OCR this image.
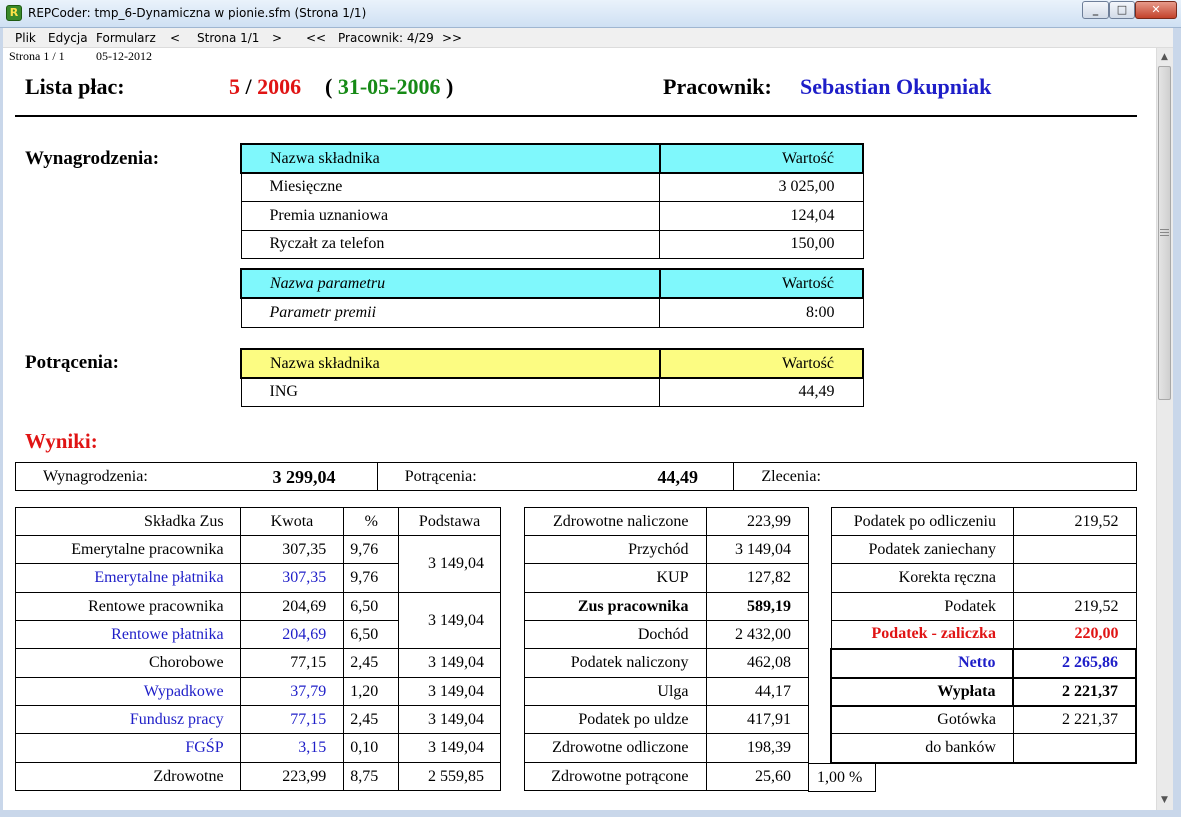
R REPCoder: tmp_6-Dynamiczna w pionie.sfm (Strona 1/1)	_	□	✕
Plik Edycja Formularz < Strona 1/1 > << Pracownik: 4/29 >>
Strona 1 / 1	05-12-2012	▲
▼
Lista płac:	5 / 2006 ( 31-05-2006 )	Pracownik: Sebastian Okupniak
Wynagrodzenia:	Nazwa składnika	Wartość
Miesięczne	3 025,00
Premia uznaniowa	124,04
Ryczałt za telefon	150,00
Nazwa parametru	Wartość
Parametr premii	8:00
Potrącenia:	Nazwa składnika	Wartość
ING	44,49
Wyniki:
Wynagrodzenia:	3 299,04	Potrącenia:	44,49	Zlecenia:
Składka Zus	Kwota	%	Podstawa
Emerytalne pracownika	307,35	9,76	3 149,04
Emerytalne płatnika	307,35	9,76	
Rentowe pracownika	204,69	6,50	3 149,04
Rentowe płatnika	204,69	6,50	
Chorobowe	77,15	2,45	3 149,04
Wypadkowe	37,79	1,20	3 149,04
Fundusz pracy	77,15	2,45	3 149,04
FGŚP	3,15	0,10	3 149,04
Zdrowotne	223,99	8,75	2 559,85
Zdrowotne naliczone	223,99
Przychód	3 149,04
KUP	127,82
Zus pracownika	589,19
Dochód	2 432,00
Podatek naliczony	462,08
Ulga	44,17
Podatek po uldze	417,91
Zdrowotne odliczone	198,39
Zdrowotne potrącone	25,60 1,00 %
Podatek po odliczeniu	219,52
Podatek zaniechany	
Korekta ręczna	
Podatek	219,52
Podatek - zaliczka	220,00
Netto	2 265,86
Wypłata	2 221,37
Gotówka	2 221,37
do banków	
